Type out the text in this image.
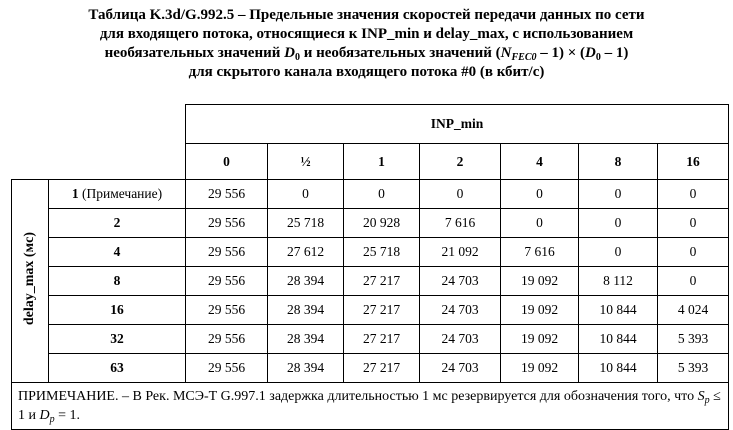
Таблица K.3d/G.992.5 – Предельные значения скоростей передачи данных по сети
для входящего потока, относящиеся к INP_min и delay_max, с использованием
необязательных значений $D_0$ и необязательных значений $(N_{FEC0} - 1) \times (D_0 - 1)$
для скрытого канала входящего потока #0 (в кбит/с)
		INP_min						
		0	½	1	2	4	8	16
delay_max (мс)	1 (Примечание)	29 556	0	0	0	0	0	0
	2	29 556	25 718	20 928	7 616	0	0	0
	4	29 556	27 612	25 718	21 092	7 616	0	0
	8	29 556	28 394	27 217	24 703	19 092	8 112	0
	16	29 556	28 394	27 217	24 703	19 092	10 844	4 024
	32	29 556	28 394	27 217	24 703	19 092	10 844	5 393
	63	29 556	28 394	27 217	24 703	19 092	10 844	5 393
ПРИМЕЧАНИЕ. – В Рек. МСЭ-Т G.997.1 задержка длительностью 1 мс резервируется для обозначения того, что $S_p \le 1$ и $D_p = 1$.								
